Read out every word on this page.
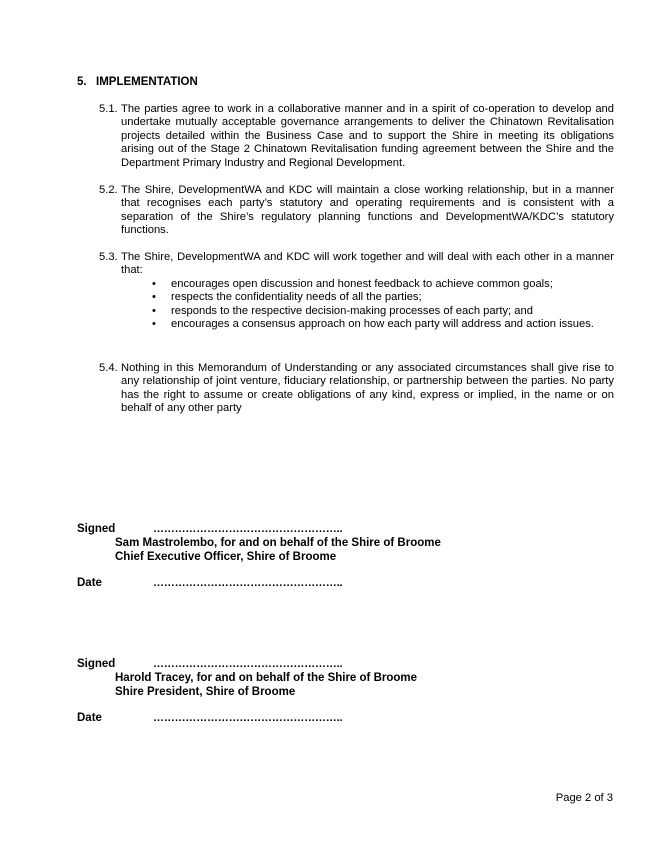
5. IMPLEMENTATION
5.1. The parties agree to work in a collaborative manner and in a spirit of co-operation to develop and undertake mutually acceptable governance arrangements to deliver the Chinatown Revitalisation projects detailed within the Business Case and to support the Shire in meeting its obligations arising out of the Stage 2 Chinatown Revitalisation funding agreement between the Shire and the Department Primary Industry and Regional Development.
5.2. The Shire, DevelopmentWA and KDC will maintain a close working relationship, but in a manner that recognises each party’s statutory and operating requirements and is consistent with a separation of the Shire’s regulatory planning functions and DevelopmentWA/KDC’s statutory functions.
5.3. The Shire, DevelopmentWA and KDC will work together and will deal with each other in a manner that:
• encourages open discussion and honest feedback to achieve common goals;
• respects the confidentiality needs of all the parties;
• responds to the respective decision-making processes of each party; and
• encourages a consensus approach on how each party will address and action issues.
5.4. Nothing in this Memorandum of Understanding or any associated circumstances shall give rise to any relationship of joint venture, fiduciary relationship, or partnership between the parties. No party has the right to assume or create obligations of any kind, express or implied, in the name or on behalf of any other party
Signed	……………………………………………..
Sam Mastrolembo, for and on behalf of the Shire of Broome
Chief Executive Officer, Shire of Broome
Date	……………………………………………..
Signed	……………………………………………..
Harold Tracey, for and on behalf of the Shire of Broome
Shire President, Shire of Broome
Date	……………………………………………..
Page 2 of 3
